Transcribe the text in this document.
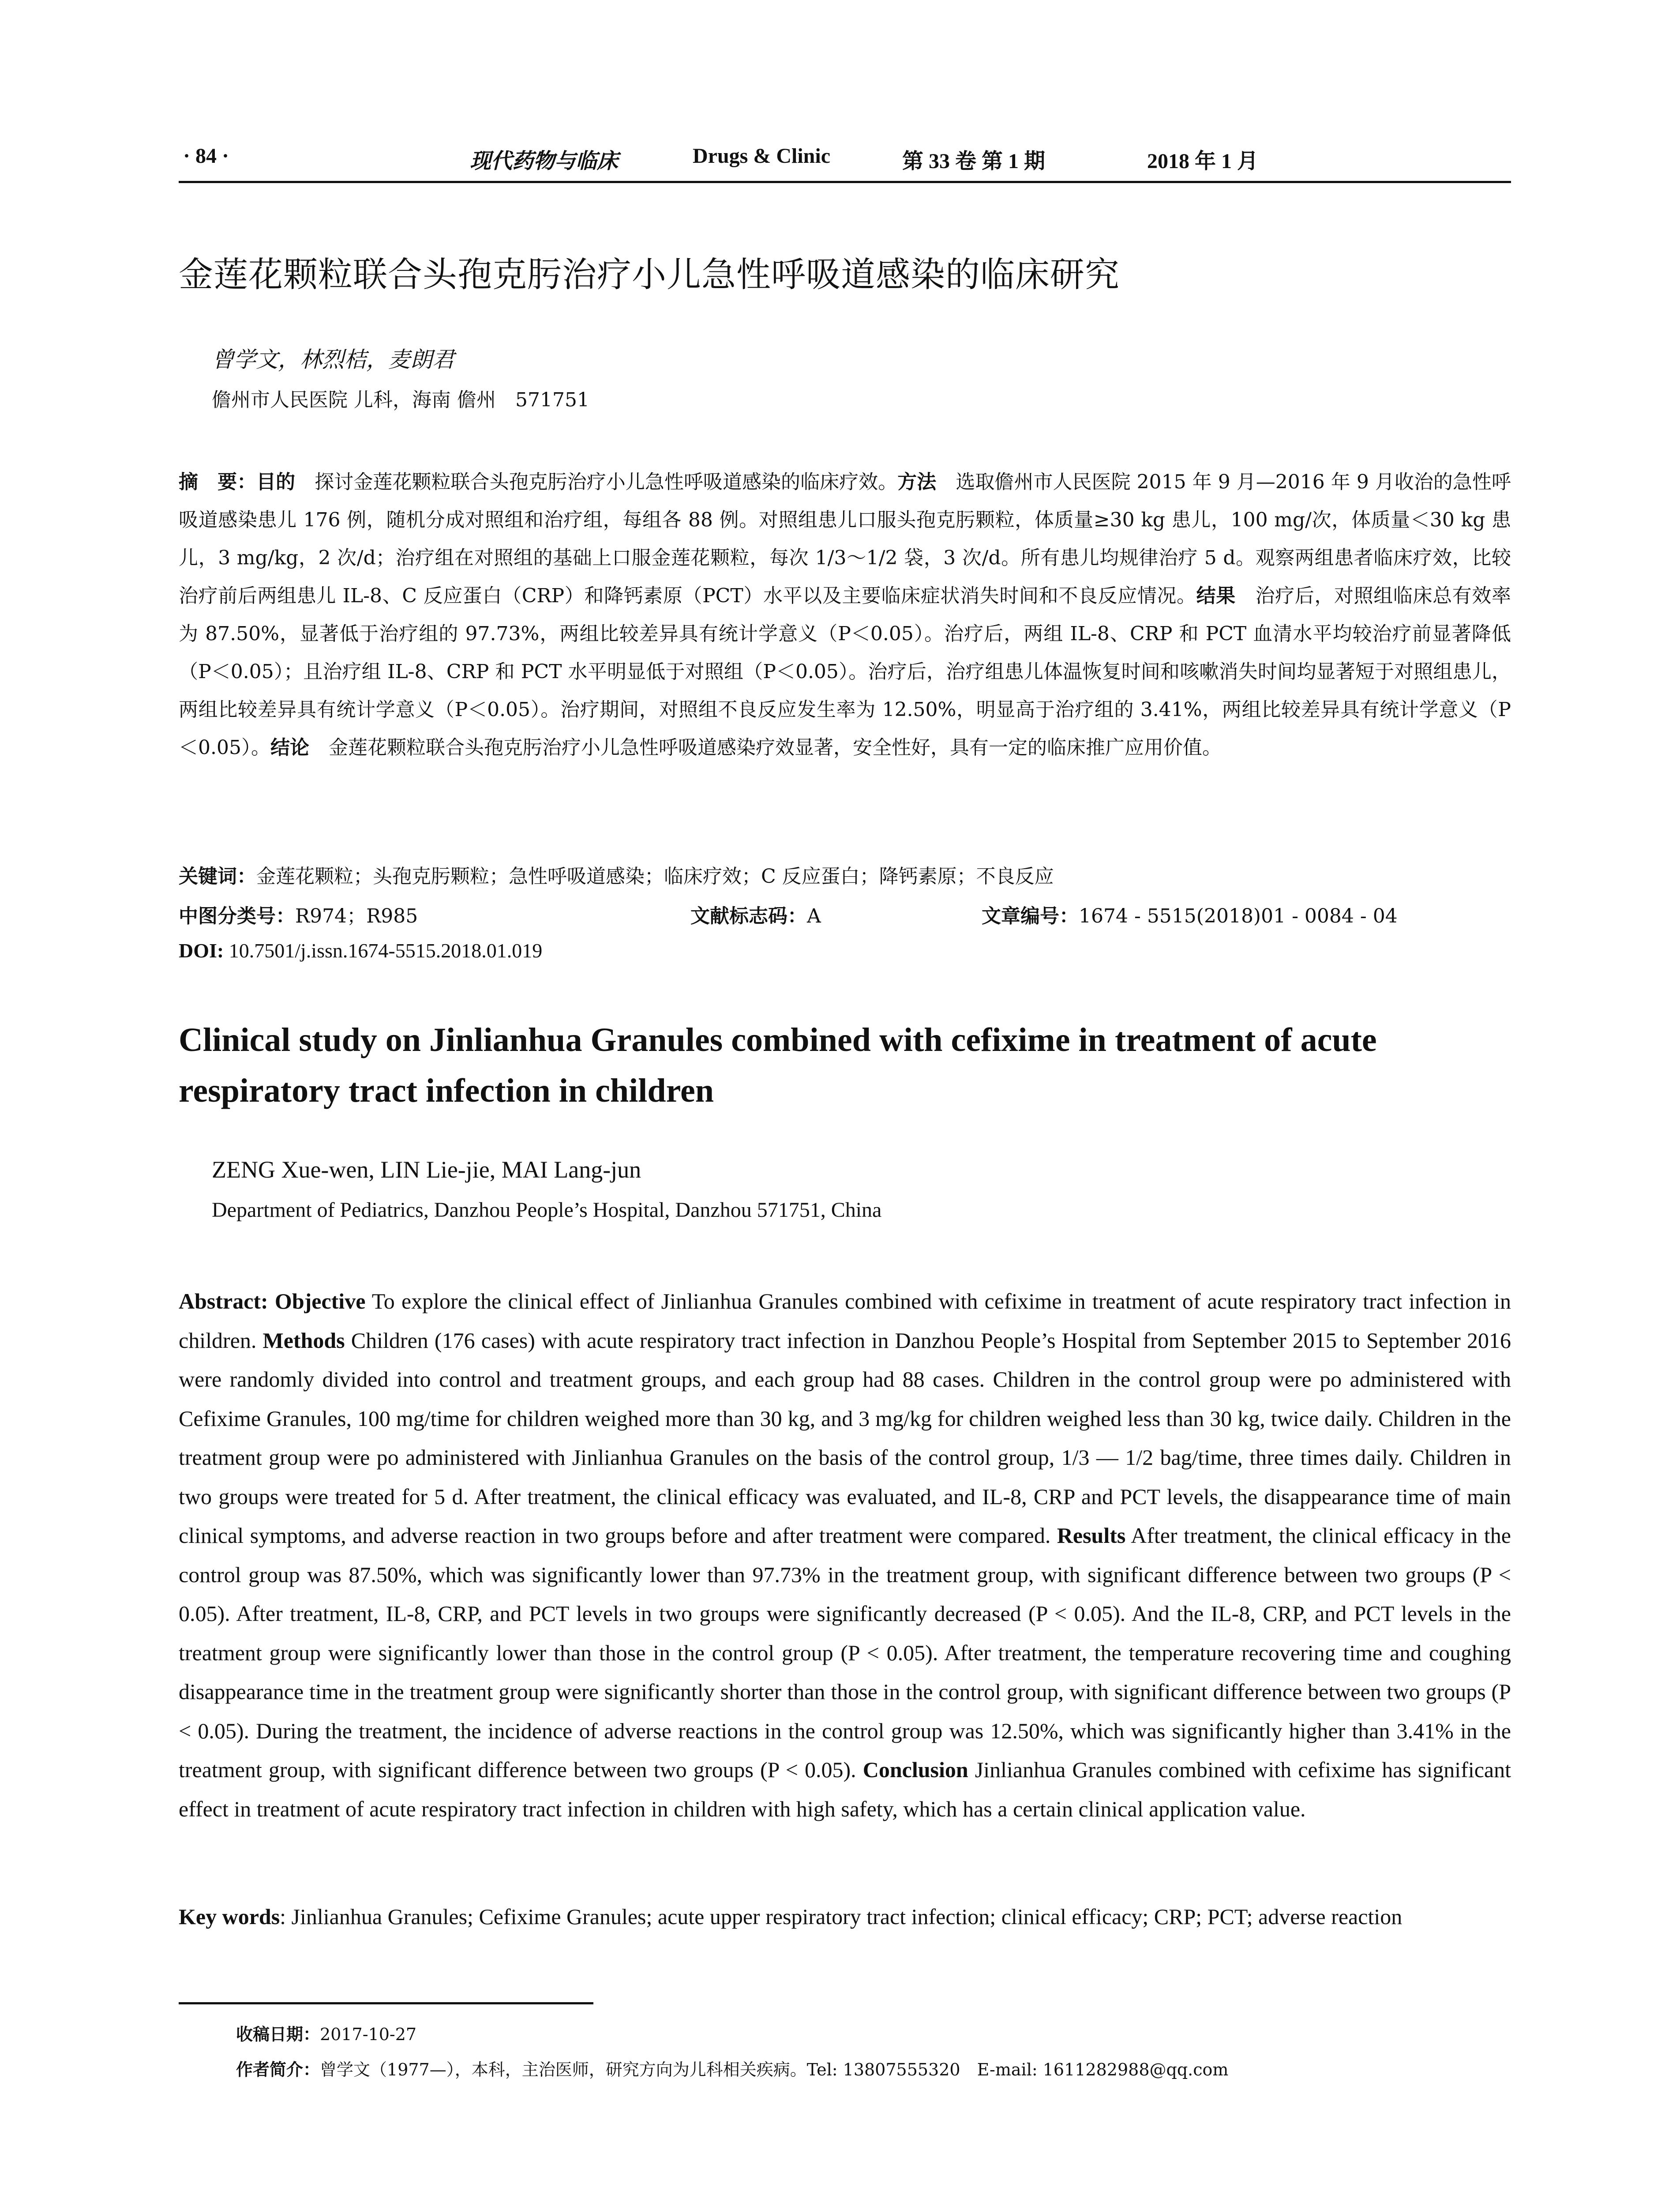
· 84 ·	现代药物与临床	Drugs & Clinic	第 33 卷 第 1 期	2018 年 1 月
金莲花颗粒联合头孢克肟治疗小儿急性呼吸道感染的临床研究
曾学文，林烈桔，麦朗君
儋州市人民医院 儿科，海南 儋州　571751
摘　要：目的　探讨金莲花颗粒联合头孢克肟治疗小儿急性呼吸道感染的临床疗效。方法　选取儋州市人民医院 2015 年 9 月—2016 年 9 月收治的急性呼吸道感染患儿 176 例，随机分成对照组和治疗组，每组各 88 例。对照组患儿口服头孢克肟颗粒，体质量≥30 kg 患儿，100 mg/次，体质量＜30 kg 患儿，3 mg/kg，2 次/d；治疗组在对照组的基础上口服金莲花颗粒，每次 1/3～1/2 袋，3 次/d。所有患儿均规律治疗 5 d。观察两组患者临床疗效，比较治疗前后两组患儿 IL-8、C 反应蛋白（CRP）和降钙素原（PCT）水平以及主要临床症状消失时间和不良反应情况。结果　治疗后，对照组临床总有效率为 87.50%，显著低于治疗组的 97.73%，两组比较差异具有统计学意义（P＜0.05）。治疗后，两组 IL-8、CRP 和 PCT 血清水平均较治疗前显著降低（P＜0.05）；且治疗组 IL-8、CRP 和 PCT 水平明显低于对照组（P＜0.05）。治疗后，治疗组患儿体温恢复时间和咳嗽消失时间均显著短于对照组患儿，两组比较差异具有统计学意义（P＜0.05）。治疗期间，对照组不良反应发生率为 12.50%，明显高于治疗组的 3.41%，两组比较差异具有统计学意义（P＜0.05）。结论　金莲花颗粒联合头孢克肟治疗小儿急性呼吸道感染疗效显著，安全性好，具有一定的临床推广应用价值。
关键词：金莲花颗粒；头孢克肟颗粒；急性呼吸道感染；临床疗效；C 反应蛋白；降钙素原；不良反应
中图分类号：R974；R985	文献标志码：A	文章编号：1674 - 5515(2018)01 - 0084 - 04
DOI: 10.7501/j.issn.1674-5515.2018.01.019
Clinical study on Jinlianhua Granules combined with cefixime in treatment of acute respiratory tract infection in children
ZENG Xue-wen, LIN Lie-jie, MAI Lang-jun
Department of Pediatrics, Danzhou People’s Hospital, Danzhou 571751, China
Abstract: Objective To explore the clinical effect of Jinlianhua Granules combined with cefixime in treatment of acute respiratory tract infection in children. Methods Children (176 cases) with acute respiratory tract infection in Danzhou People’s Hospital from September 2015 to September 2016 were randomly divided into control and treatment groups, and each group had 88 cases. Children in the control group were po administered with Cefixime Granules, 100 mg/time for children weighed more than 30 kg, and 3 mg/kg for children weighed less than 30 kg, twice daily. Children in the treatment group were po administered with Jinlianhua Granules on the basis of the control group, 1/3 — 1/2 bag/time, three times daily. Children in two groups were treated for 5 d. After treatment, the clinical efficacy was evaluated, and IL-8, CRP and PCT levels, the disappearance time of main clinical symptoms, and adverse reaction in two groups before and after treatment were compared. Results After treatment, the clinical efficacy in the control group was 87.50%, which was significantly lower than 97.73% in the treatment group, with significant difference between two groups (P < 0.05). After treatment, IL-8, CRP, and PCT levels in two groups were significantly decreased (P < 0.05). And the IL-8, CRP, and PCT levels in the treatment group were significantly lower than those in the control group (P < 0.05). After treatment, the temperature recovering time and coughing disappearance time in the treatment group were significantly shorter than those in the control group, with significant difference between two groups (P < 0.05). During the treatment, the incidence of adverse reactions in the control group was 12.50%, which was significantly higher than 3.41% in the treatment group, with significant difference between two groups (P < 0.05). Conclusion Jinlianhua Granules combined with cefixime has significant effect in treatment of acute respiratory tract infection in children with high safety, which has a certain clinical application value.
Key words: Jinlianhua Granules; Cefixime Granules; acute upper respiratory tract infection; clinical efficacy; CRP; PCT; adverse reaction
收稿日期：2017-10-27
作者简介：曾学文（1977—），本科，主治医师，研究方向为儿科相关疾病。Tel: 13807555320　E-mail: 1611282988@qq.com
